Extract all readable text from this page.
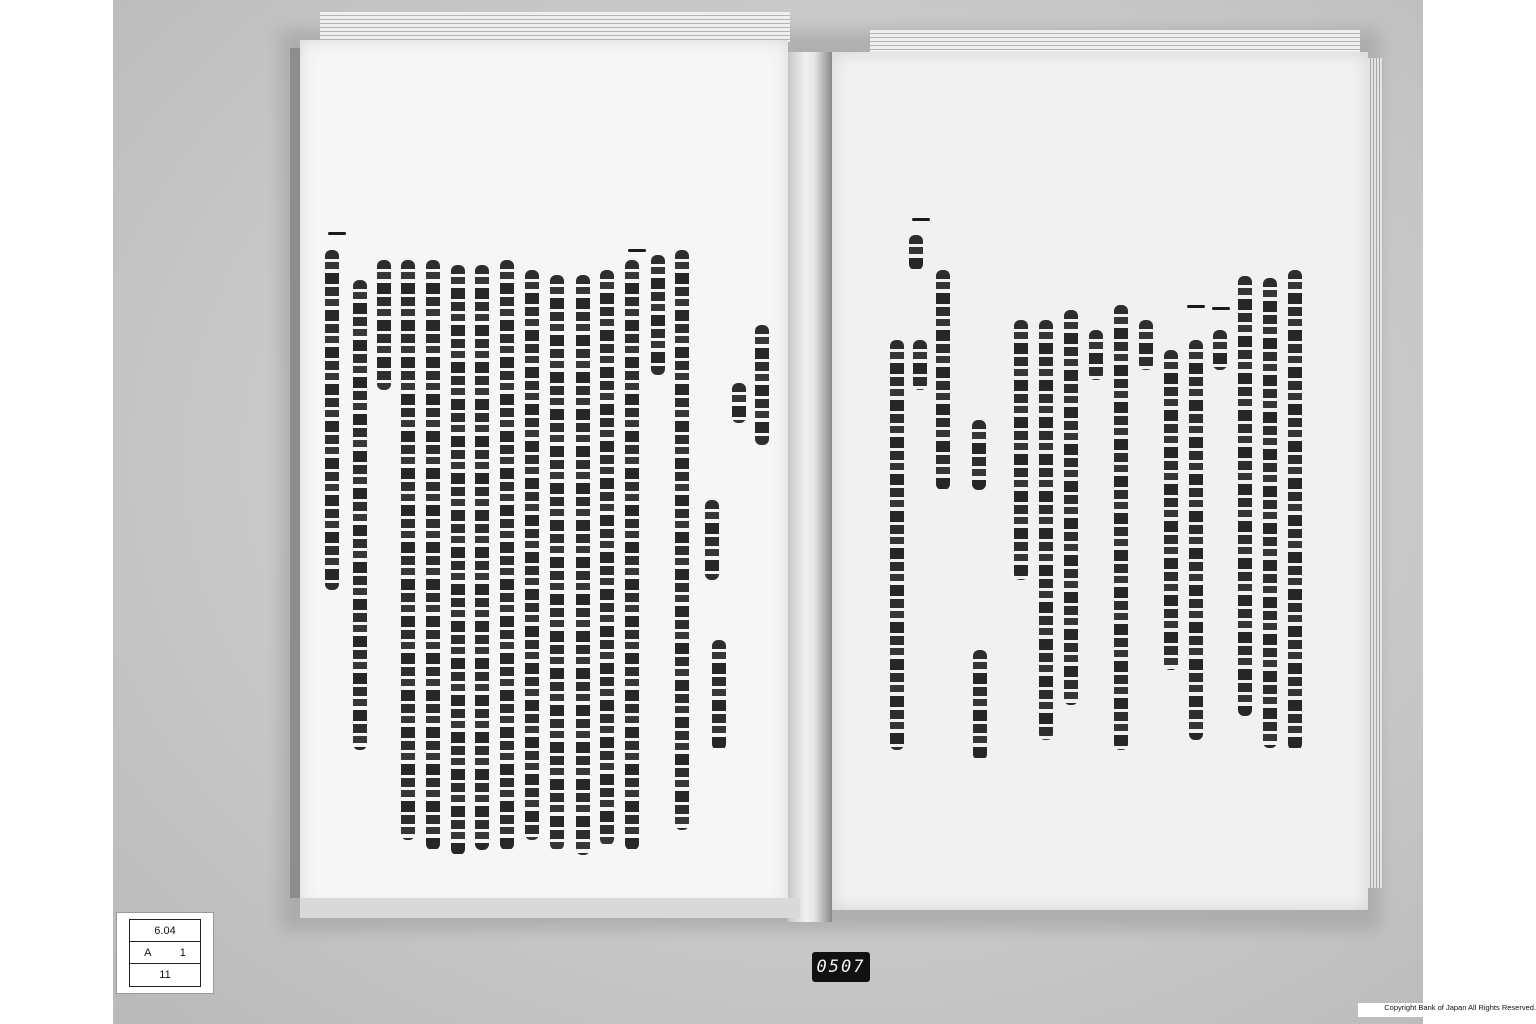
6.04
A	1
11	0507
Copyright Bank of Japan All Rights Reserved.
